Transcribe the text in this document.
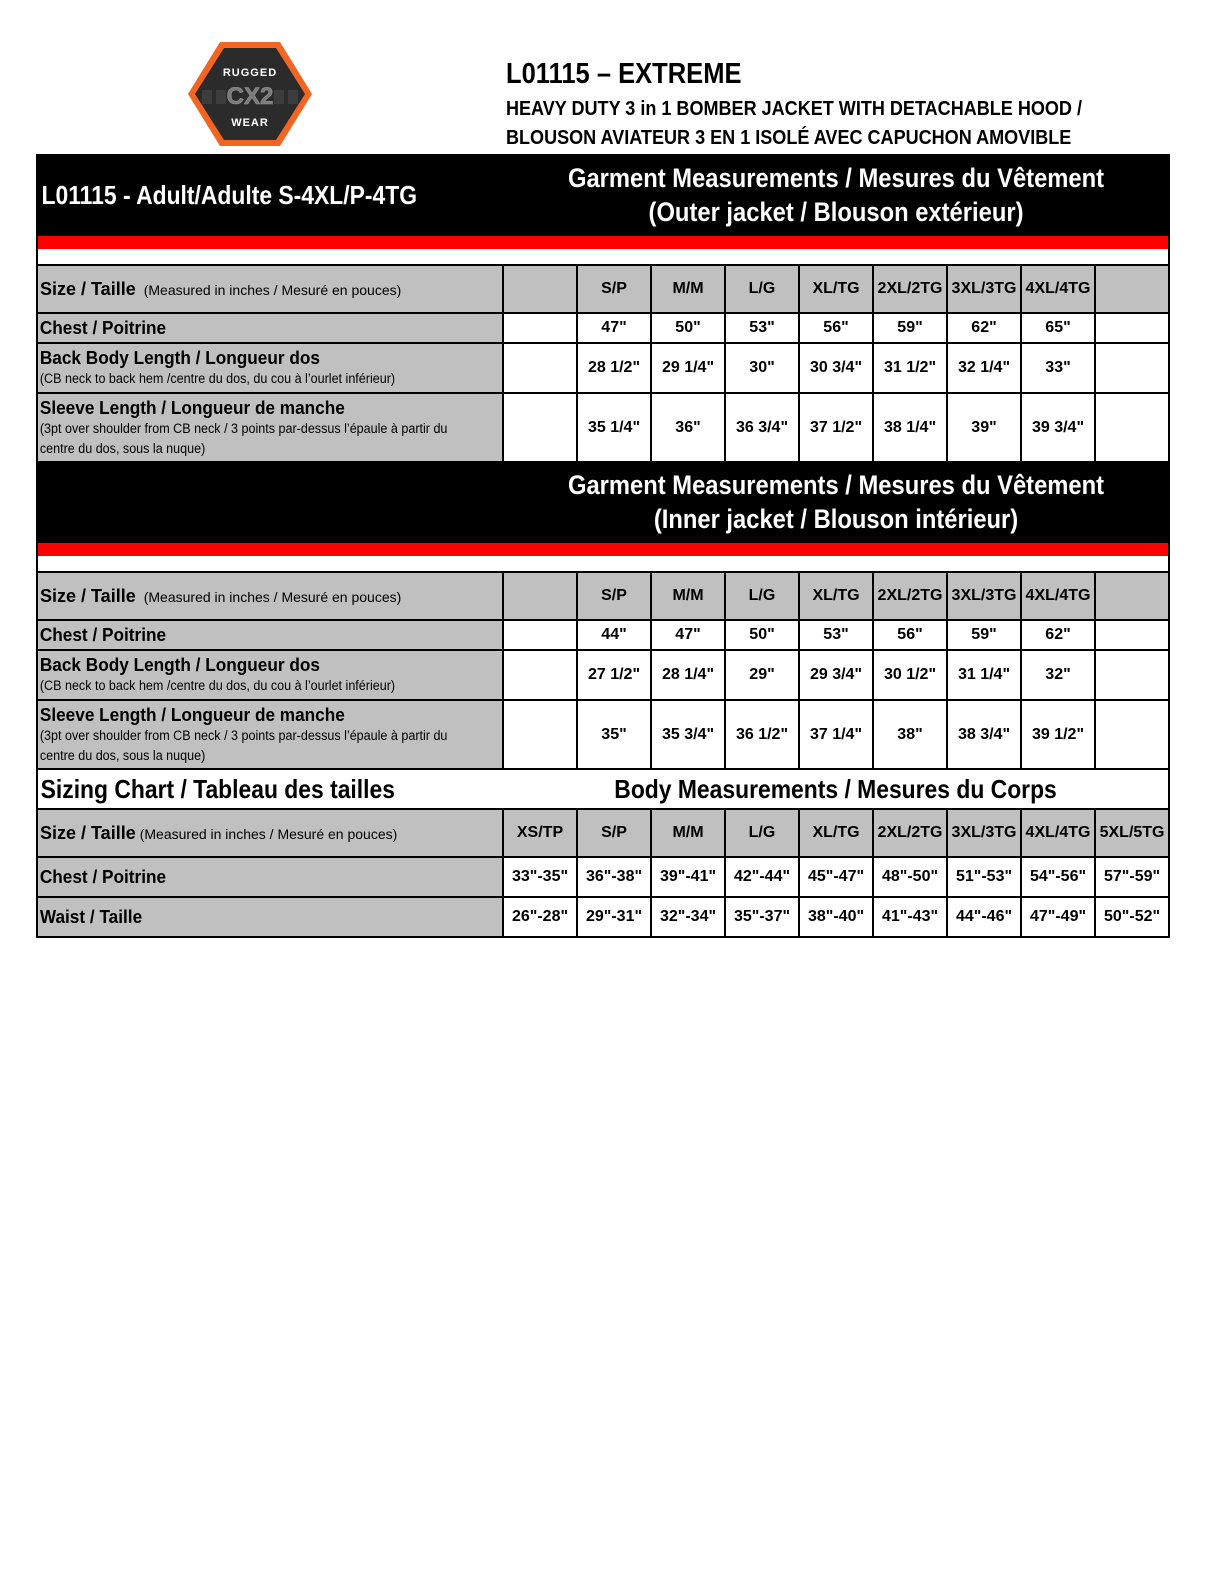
RUGGED
CX2
WEAR
L01115 – EXTREME
HEAVY DUTY 3 in 1 BOMBER JACKET WITH DETACHABLE HOOD /
BLOUSON AVIATEUR 3 EN 1 ISOLÉ AVEC CAPUCHON AMOVIBLE
L01115 - Adult/Adulte S-4XL/P-4TG	Garment Measurements / Mesures du Vêtement
(Outer jacket / Blouson extérieur)								

Size / Taille (Measured in inches / Mesuré en pouces)		S/P	M/M	L/G	XL/TG	2XL/2TG	3XL/3TG	4XL/4TG	

Chest / Poitrine		47"	50"	53"	56"	59"	62"	65"	

Back Body Length / Longueur dos
(CB neck to back hem /centre du dos, du cou à l’ourlet inférieur)		28 1/2"	29 1/4"	30"	30 3/4"	31 1/2"	32 1/4"	33"	

Sleeve Length / Longueur de manche
(3pt over shoulder from CB neck / 3 points par-dessus l’épaule à partir du
centre du dos, sous la nuque)		35 1/4"	36"	36 3/4"	37 1/2"	38 1/4"	39"	39 3/4"	

	Garment Measurements / Mesures du Vêtement
(Inner jacket / Blouson intérieur)								

Size / Taille (Measured in inches / Mesuré en pouces)		S/P	M/M	L/G	XL/TG	2XL/2TG	3XL/3TG	4XL/4TG	

Chest / Poitrine		44"	47"	50"	53"	56"	59"	62"	

Back Body Length / Longueur dos
(CB neck to back hem /centre du dos, du cou à l’ourlet inférieur)		27 1/2"	28 1/4"	29"	29 3/4"	30 1/2"	31 1/4"	32"	

Sleeve Length / Longueur de manche
(3pt over shoulder from CB neck / 3 points par-dessus l’épaule à partir du
centre du dos, sous la nuque)		35"	35 3/4"	36 1/2"	37 1/4"	38"	38 3/4"	39 1/2"	
Sizing Chart / Tableau des tailles	Body Measurements / Mesures du Corps								

Size / Taille (Measured in inches / Mesuré en pouces)	XS/TP	S/P	M/M	L/G	XL/TG	2XL/2TG	3XL/3TG	4XL/4TG	5XL/5TG

Chest / Poitrine	33"-35"	36"-38"	39"-41"	42"-44"	45"-47"	48"-50"	51"-53"	54"-56"	57"-59"

Waist / Taille	26"-28"	29"-31"	32"-34"	35"-37"	38"-40"	41"-43"	44"-46"	47"-49"	50"-52"
